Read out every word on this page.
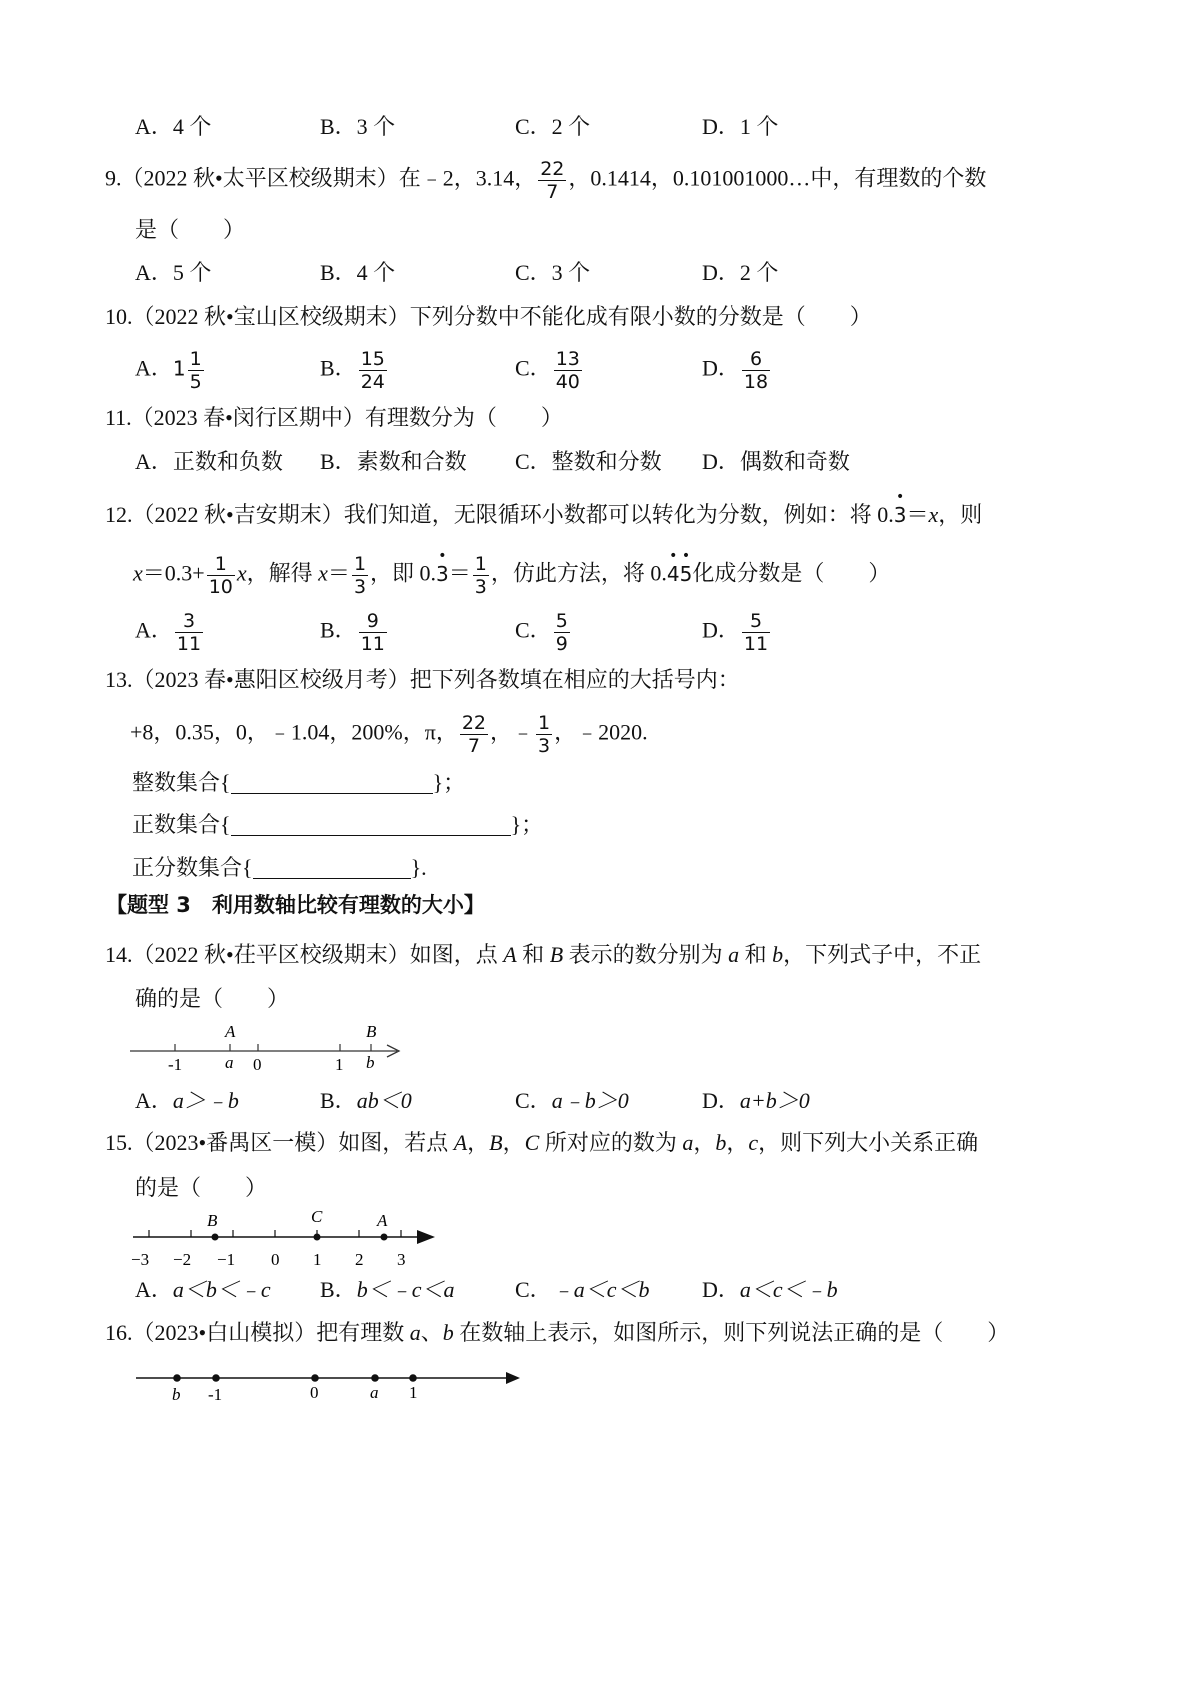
A．4 个	B．3 个	C．2 个	D．1 个
9.（2022 秋•太平区校级期末）在﹣2，3.14， $\frac{22}{7}$ ，0.1414，0.101001000…中，有理数的个数
是（　　）
A．5 个	B．4 个	C．3 个	D．2 个
10.（2022 秋•宝山区校级期末）下列分数中不能化成有限小数的分数是（　　）
A．$1 \frac{1}{5}$	B． $\frac{15}{24}$	C． $\frac{13}{40}$	D． $\frac{6}{18}$
11.（2023 春•闵行区期中）有理数分为（　　）
A．正数和负数 B．素数和合数 C．整数和分数 D．偶数和奇数
12.（2022 秋•吉安期末）我们知道，无限循环小数都可以转化为分数，例如：将 0.• 3＝x，则
$x=0.3+ \frac{1}{10}$ x，解得 $x= \frac{1}{3}$ ，即 0.• $3= \frac{1}{3}$ ，仿此方法，将 0.• 4• 5化成分数是（　　）
A． $\frac{3}{11}$	B． $\frac{9}{11}$	C． $\frac{5}{9}$	D． $\frac{5}{11}$
13.（2023 春•惠阳区校级月考）把下列各数填在相应的大括号内：
+8，0.35，0，﹣1.04，200%，π， $\frac{22}{7}$ ，﹣ $\frac{1}{3}$ ，﹣2020.
整数集合{	}；
正数集合{	}；
正分数集合{	}.
【题型 3　利用数轴比较有理数的大小】
14.（2022 秋•茌平区校级期末）如图，点 A 和 B 表示的数分别为 a 和 b，下列式子中，不正
确的是（　　）
-1
A
a 0	1
B
b
A．a＞﹣b	B．ab＜0	C．a﹣b＞0	D．a+b＞0
15.（2023•番禺区一模）如图，若点 A，B，C 所对应的数为 a，b，c，则下列大小关系正确
的是（　　）
B	C	A
−3 −2 −1 0 1 2 3
A．a＜b＜﹣c B．b＜﹣c＜a	C．﹣a＜c＜b D．a＜c＜﹣b
16.（2023•白山模拟）把有理数 a、b 在数轴上表示，如图所示，则下列说法正确的是（　　）
b -1	0	a 1
